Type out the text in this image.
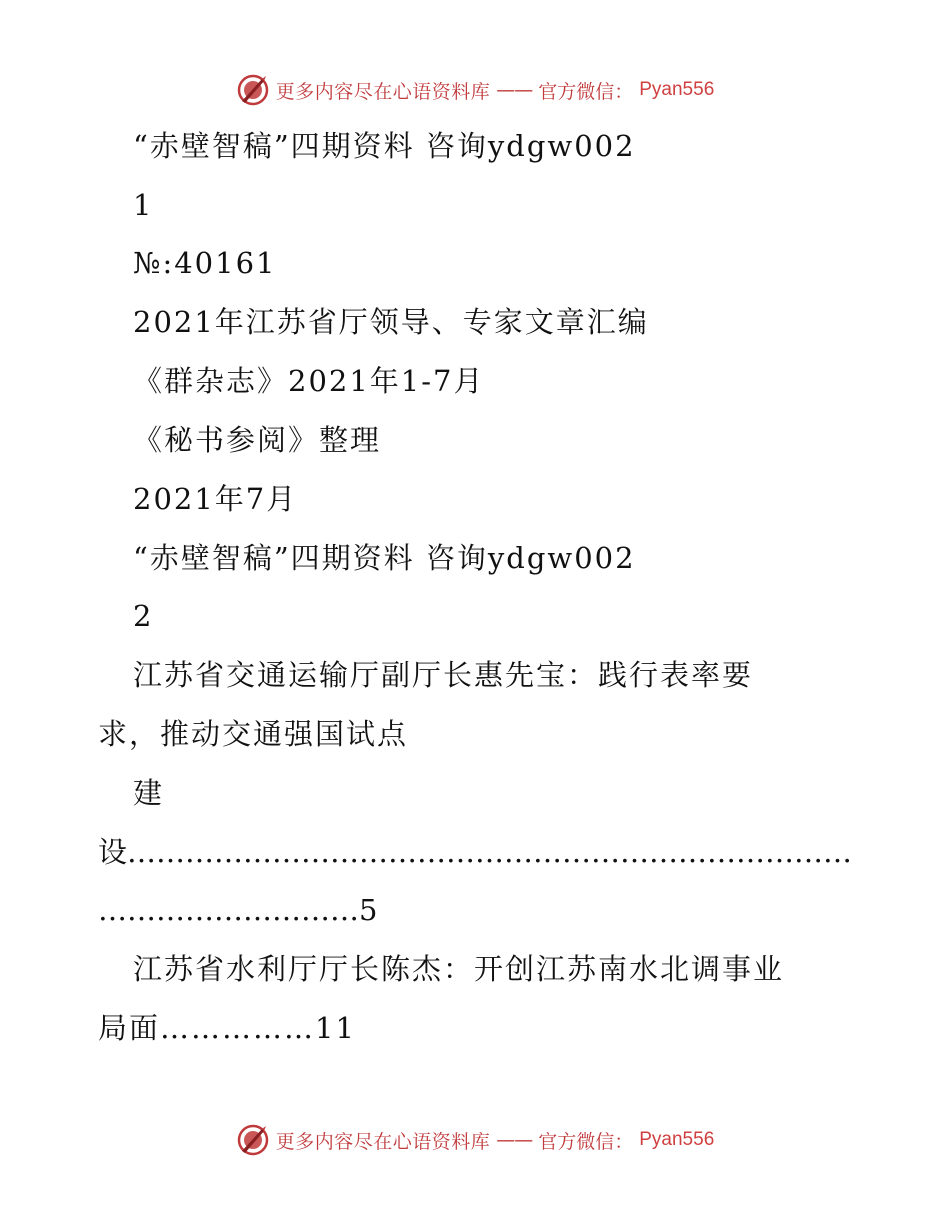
更多内容尽在心语资料库 —— 官方微信： Pyan556
“赤壁智稿”四期资料 咨询ydgw002
1
№:40161
2021年江苏省厅领导、专家文章汇编
《群杂志》2021年1-7月
《秘书参阅》整理
2021年7月
“赤壁智稿”四期资料 咨询ydgw002
2
江苏省交通运输厅副厅长惠先宝：践行表率要
求，推动交通强国试点
建
设…………………………………………………………………
………………………5
江苏省水利厅厅长陈杰：开创江苏南水北调事业
局面……………11
更多内容尽在心语资料库 —— 官方微信： Pyan556
